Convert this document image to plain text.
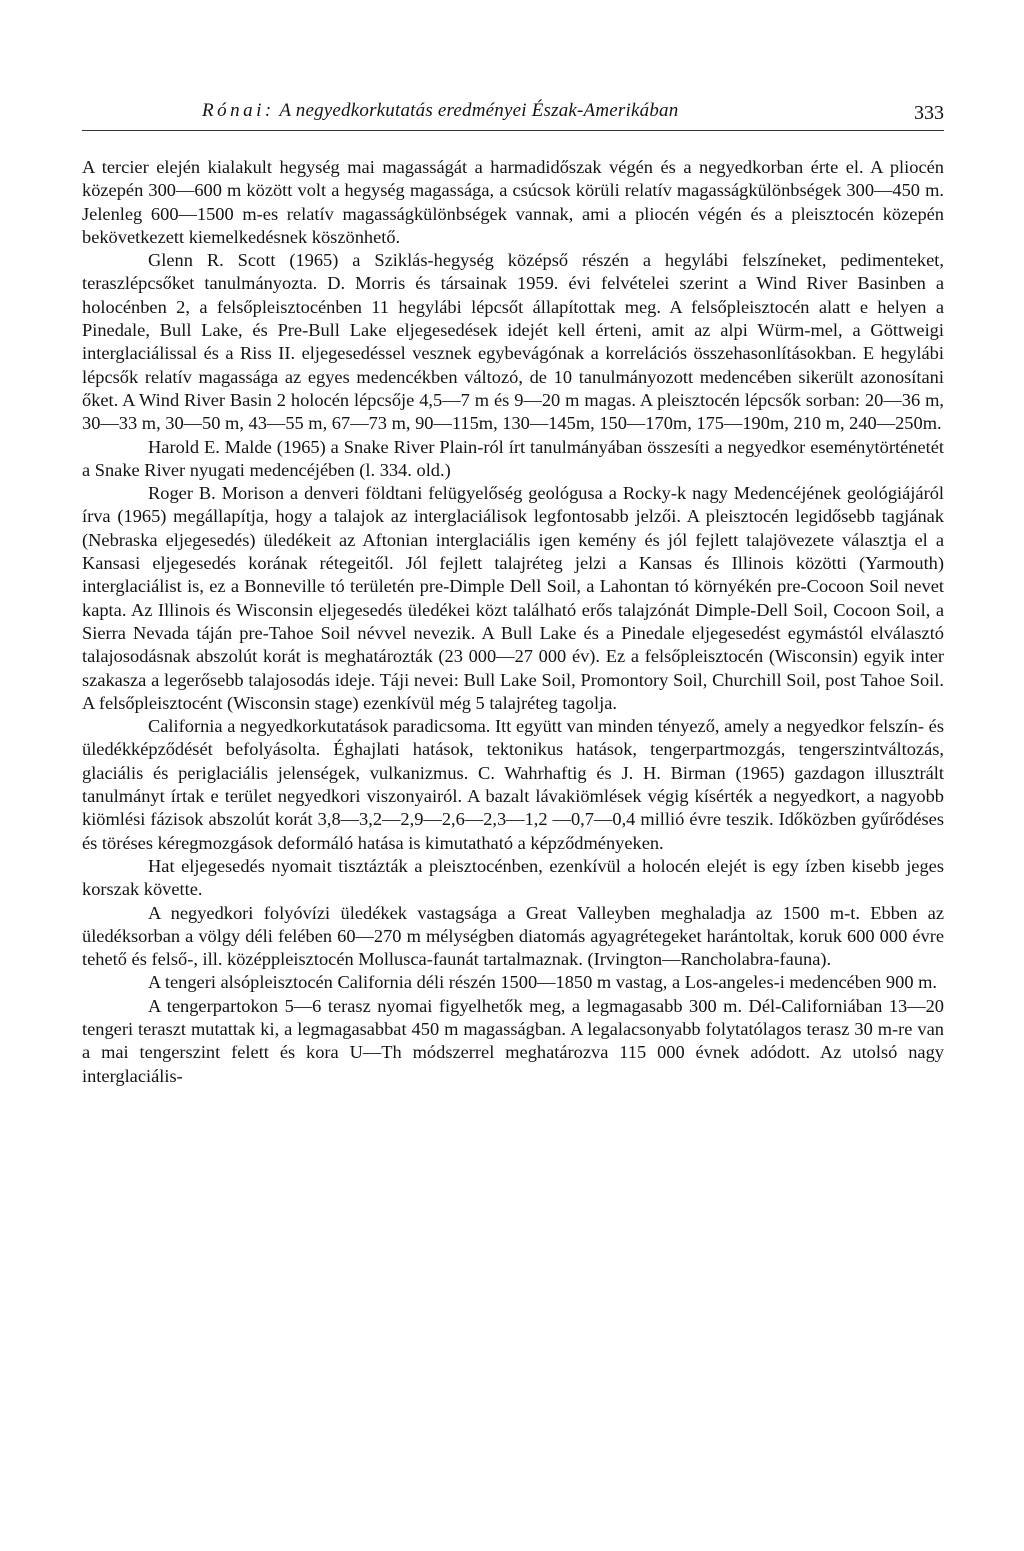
Rónai: A negyedkorkutatás eredményei Észak-Amerikában	333

A tercier elején kialakult hegység mai magasságát a harmadidőszak végén és a negyedkorban érte el. A pliocén közepén 300—600 m között volt a hegység magassága, a csúcsok körüli relatív magasságkülönbségek 300—450 m. Jelenleg 600—1500 m-es relatív magasságkülönbségek vannak, ami a pliocén végén és a pleisztocén közepén bekövetkezett kiemelkedésnek köszönhető.

Glenn R. Scott (1965) a Sziklás-hegység középső részén a hegylábi felszíneket, pedimenteket, teraszlépcsőket tanulmányozta. D. Morris és társainak 1959. évi felvételei szerint a Wind River Basinben a holocénben 2, a felsőpleisztocénben 11 hegylábi lépcsőt állapítottak meg. A felsőpleisztocén alatt e helyen a Pinedale, Bull Lake, és Pre-Bull Lake eljegesedések idejét kell érteni, amit az alpi Würm-mel, a Göttweigi interglaciálissal és a Riss II. eljegesedéssel vesznek egybevágónak a korrelációs összehasonlításokban. E hegylábi lépcsők relatív magassága az egyes medencékben változó, de 10 tanulmányozott medencében sikerült azonosítani őket. A Wind River Basin 2 holocén lépcsője 4,5—7 m és 9—20 m magas. A pleisztocén lépcsők sorban: 20—36 m, 30—33 m, 30—50 m, 43—55 m, 67—73 m, 90—115m, 130—145m, 150—170m, 175—190m, 210 m, 240—250m.

Harold E. Malde (1965) a Snake River Plain-ról írt tanulmányában összesíti a negyedkor eseménytörténetét a Snake River nyugati medencéjében (l. 334. old.)

Roger B. Morison a denveri földtani felügyelőség geológusa a Rocky-k nagy Medencéjének geológiájáról írva (1965) megállapítja, hogy a talajok az interglaciálisok legfontosabb jelzői. A pleisztocén legidősebb tagjának (Nebraska eljegesedés) üledékeit az Aftonian interglaciális igen kemény és jól fejlett talajövezete választja el a Kansasi eljegesedés korának rétegeitől. Jól fejlett talajréteg jelzi a Kansas és Illinois közötti (Yarmouth) interglaciálist is, ez a Bonneville tó területén pre-Dimple Dell Soil, a Lahontan tó környékén pre-Cocoon Soil nevet kapta. Az Illinois és Wisconsin eljegesedés üledékei közt található erős talajzónát Dimple-Dell Soil, Cocoon Soil, a Sierra Nevada táján pre-Tahoe Soil névvel nevezik. A Bull Lake és a Pinedale eljegesedést egymástól elválasztó talajosodásnak abszolút korát is meghatározták (23 000—27 000 év). Ez a felsőpleisztocén (Wisconsin) egyik inter szakasza a legerősebb talajosodás ideje. Táji nevei: Bull Lake Soil, Promontory Soil, Churchill Soil, post Tahoe Soil. A felsőpleisztocént (Wisconsin stage) ezenkívül még 5 talajréteg tagolja.

California a negyedkorkutatások paradicsoma. Itt együtt van minden tényező, amely a negyedkor felszín- és üledékképződését befolyásolta. Éghajlati hatások, tektonikus hatások, tengerpartmozgás, tengerszintváltozás, glaciális és periglaciális jelenségek, vulkanizmus. C. Wahrhaftig és J. H. Birman (1965) gazdagon illusztrált tanulmányt írtak e terület negyedkori viszonyairól. A bazalt lávakiömlések végig kísérték a negyedkort, a nagyobb kiömlési fázisok abszolút korát 3,8—3,2—2,9—2,6—2,3—1,2 —0,7—0,4 millió évre teszik. Időközben gyűrődéses és töréses kéregmozgások deformáló hatása is kimutatható a képződményeken.

Hat eljegesedés nyomait tisztázták a pleisztocénben, ezenkívül a holocén elejét is egy ízben kisebb jeges korszak követte.

A negyedkori folyóvízi üledékek vastagsága a Great Valleyben meghaladja az 1500 m-t. Ebben az üledéksorban a völgy déli felében 60—270 m mélységben diatomás agyagrétegeket harántoltak, koruk 600 000 évre tehető és felső-, ill. középpleisztocén Mollusca-faunát tartalmaznak. (Irvington—Rancholabra-fauna).

A tengeri alsópleisztocén California déli részén 1500—1850 m vastag, a Los-angeles-i medencében 900 m.

A tengerpartokon 5—6 terasz nyomai figyelhetők meg, a legmagasabb 300 m. Dél-Californiában 13—20 tengeri teraszt mutattak ki, a legmagasabbat 450 m magasságban. A legalacsonyabb folytatólagos terasz 30 m-re van a mai tengerszint felett és kora U—Th módszerrel meghatározva 115 000 évnek adódott. Az utolsó nagy interglaciális-
